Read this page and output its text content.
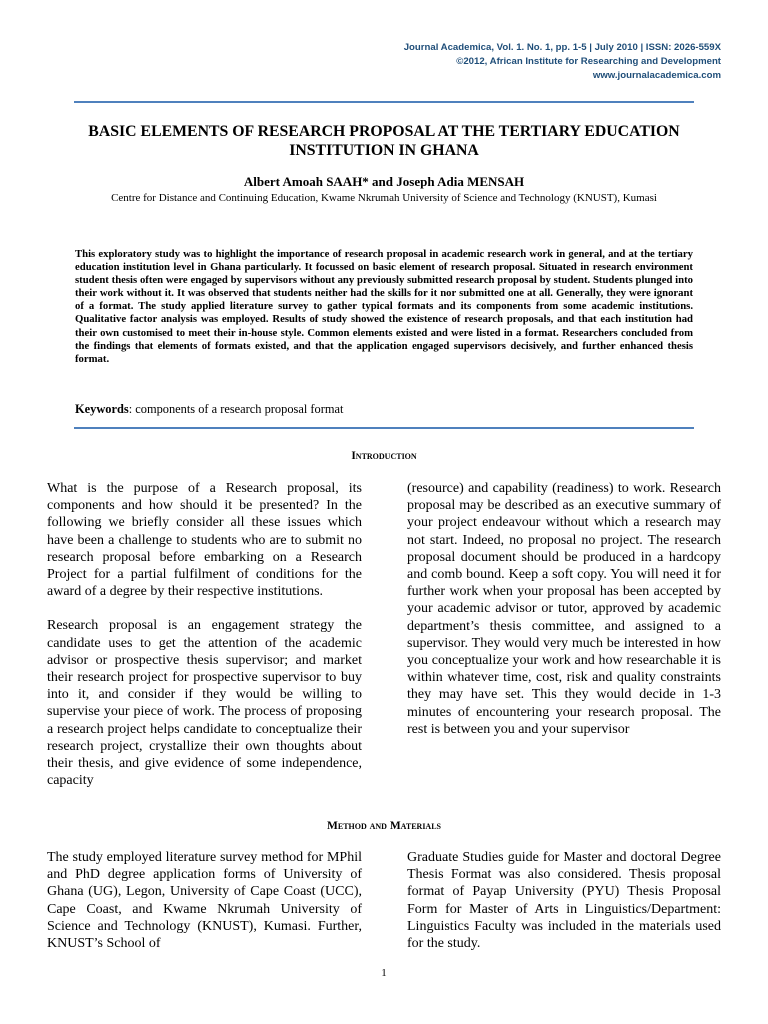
Journal Academica, Vol. 1. No. 1, pp. 1-5 | July 2010 | ISSN: 2026-559X
©2012, African Institute for Researching and Development
www.journalacademica.com
BASIC ELEMENTS OF RESEARCH PROPOSAL AT THE TERTIARY EDUCATION INSTITUTION IN GHANA

Albert Amoah SAAH* and Joseph Adia MENSAH

Centre for Distance and Continuing Education, Kwame Nkrumah University of Science and Technology (KNUST), Kumasi

This exploratory study was to highlight the importance of research proposal in academic research work in general, and at the tertiary education institution level in Ghana particularly. It focussed on basic element of research proposal. Situated in research environment student thesis often were engaged by supervisors without any previously submitted research proposal by student. Students plunged into their work without it. It was observed that students neither had the skills for it nor submitted one at all. Generally, they were ignorant of a format. The study applied literature survey to gather typical formats and its components from some academic institutions. Qualitative factor analysis was employed. Results of study showed the existence of research proposals, and that each institution had their own customised to meet their in-house style. Common elements existed and were listed in a format. Researchers concluded from the findings that elements of formats existed, and that the application engaged supervisors decisively, and further enhanced thesis format.

Keywords: components of a research proposal format

Introduction

What is the purpose of a Research proposal, its components and how should it be presented? In the following we briefly consider all these issues which have been a challenge to students who are to submit no research proposal before embarking on a Research Project for a partial fulfilment of conditions for the award of a degree by their respective institutions.

Research proposal is an engagement strategy the candidate uses to get the attention of the academic advisor or prospective thesis supervisor; and market their research project for prospective supervisor to buy into it, and consider if they would be willing to supervise your piece of work. The process of proposing a research project helps candidate to conceptualize their research project, crystallize their own thoughts about their thesis, and give evidence of some independence, capacity

(resource) and capability (readiness) to work. Research proposal may be described as an executive summary of your project endeavour without which a research may not start. Indeed, no proposal no project. The research proposal document should be produced in a hardcopy and comb bound. Keep a soft copy. You will need it for further work when your proposal has been accepted by your academic advisor or tutor, approved by academic department’s thesis committee, and assigned to a supervisor. They would very much be interested in how you conceptualize your work and how researchable it is within whatever time, cost, risk and quality constraints they may have set. This they would decide in 1-3 minutes of encountering your research proposal. The rest is between you and your supervisor

Method and Materials

The study employed literature survey method for MPhil and PhD degree application forms of University of Ghana (UG), Legon, University of Cape Coast (UCC), Cape Coast, and Kwame Nkrumah University of Science and Technology (KNUST), Kumasi. Further, KNUST’s School of

Graduate Studies guide for Master and doctoral Degree Thesis Format was also considered. Thesis proposal format of Payap University (PYU) Thesis Proposal Form for Master of Arts in Linguistics/Department: Linguistics Faculty was included in the materials used for the study.

1
